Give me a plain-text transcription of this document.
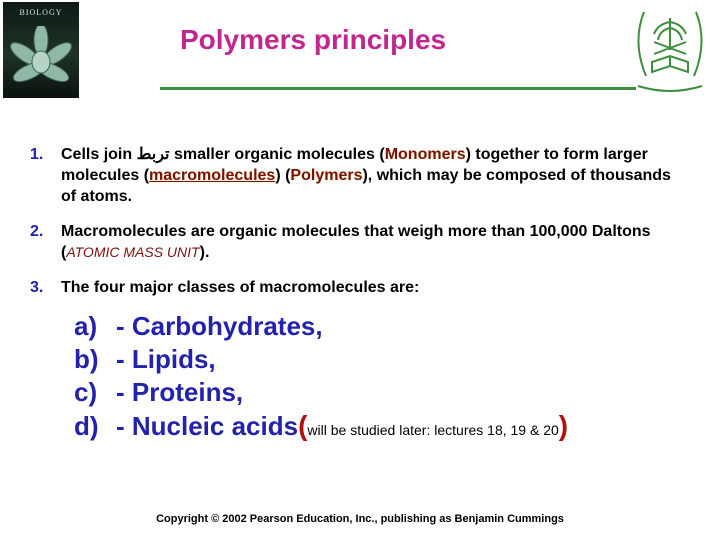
BIOLOGY
Polymers principles
1.	Cells join تربط smaller organic molecules (Monomers) together to form larger molecules (macromolecules) (Polymers), which may be composed of thousands of atoms.
2.	Macromolecules are organic molecules that weigh more than 100,000 Daltons (ATOMIC MASS UNIT).
3.	The four major classes of macromolecules are:
a) - Carbohydrates,
b) - Lipids,
c) - Proteins,
d) - Nucleic acids ( will be studied later: lectures 18, 19 & 20 )
Copyright © 2002 Pearson Education, Inc., publishing as Benjamin Cummings
